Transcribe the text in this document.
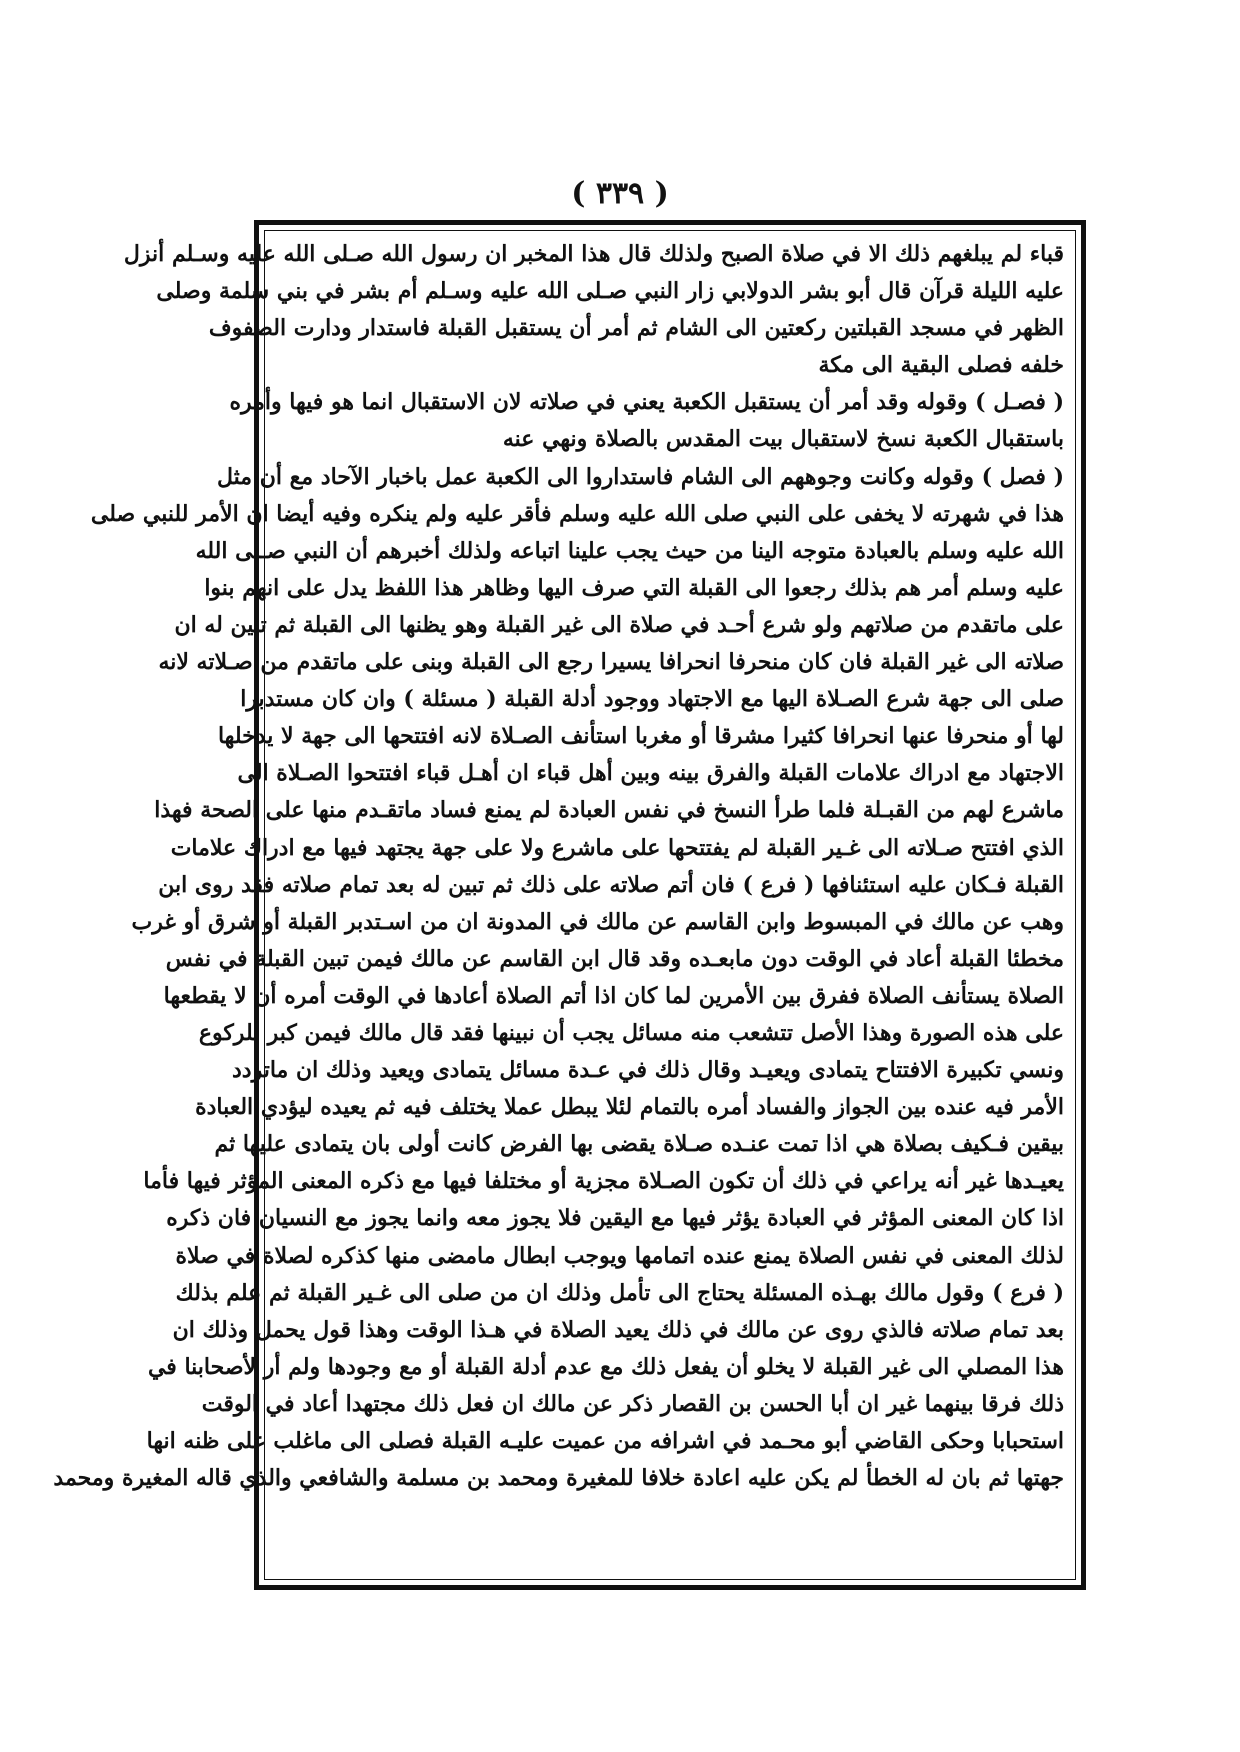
( ٣٣٩ )
قباء لم يبلغهم ذلك الا في صلاة الصبح ولذلك قال هذا المخبر ان رسول الله صـلى الله عليه وسـلم أنزل
عليه الليلة قرآن قال أبو بشر الدولابي زار النبي صـلى الله عليه وسـلم أم بشر في بني سلمة وصلى
الظهر في مسجد القبلتين ركعتين الى الشام ثم أمر أن يستقبل القبلة فاستدار ودارت الصفوف
خلفه فصلى البقية الى مكة
( فصـل ) وقوله وقد أمر أن يستقبل الكعبة يعني في صلاته لان الاستقبال انما هو فيها وأمره
باستقبال الكعبة نسخ لاستقبال بيت المقدس بالصلاة ونهي عنه
( فصل ) وقوله وكانت وجوههم الى الشام فاستداروا الى الكعبة عمل باخبار الآحاد مع أن مثل
هذا في شهرته لا يخفى على النبي صلى الله عليه وسلم فأقر عليه ولم ينكره وفيه أيضا ان الأمر للنبي صلى
الله عليه وسلم بالعبادة متوجه الينا من حيث يجب علينا اتباعه ولذلك أخبرهم أن النبي صـلى الله
عليه وسلم أمر هم بذلك رجعوا الى القبلة التي صرف اليها وظاهر هذا اللفظ يدل على انهم بنوا
على ماتقدم من صلاتهم ولو شرع أحـد في صلاة الى غير القبلة وهو يظنها الى القبلة ثم تبين له ان
صلاته الى غير القبلة فان كان منحرفا انحرافا يسيرا رجع الى القبلة وبنى على ماتقدم من صـلاته لانه
صلى الى جهة شرع الصـلاة اليها مع الاجتهاد ووجود أدلة القبلة ( مسئلة ) وان كان مستدبرا
لها أو منحرفا عنها انحرافا كثيرا مشرقا أو مغربا استأنف الصـلاة لانه افتتحها الى جهة لا يدخلها
الاجتهاد مع ادراك علامات القبلة والفرق بينه وبين أهل قباء ان أهـل قباء افتتحوا الصـلاة الى
ماشرع لهم من القبـلة فلما طرأ النسخ في نفس العبادة لم يمنع فساد ماتقـدم منها على الصحة فهذا
الذي افتتح صـلاته الى غـير القبلة لم يفتتحها على ماشرع ولا على جهة يجتهد فيها مع ادراك علامات
القبلة فـكان عليه استئنافها ( فرع ) فان أتم صلاته على ذلك ثم تبين له بعد تمام صلاته فقد روى ابن
وهب عن مالك في المبسوط وابن القاسم عن مالك في المدونة ان من اسـتدبر القبلة أو شرق أو غرب
مخطئا القبلة أعاد في الوقت دون مابعـده وقد قال ابن القاسم عن مالك فيمن تبين القبلة في نفس
الصلاة يستأنف الصلاة ففرق بين الأمرين لما كان اذا أتم الصلاة أعادها في الوقت أمره أن لا يقطعها
على هذه الصورة وهذا الأصل تتشعب منه مسائل يجب أن نبينها فقد قال مالك فيمن كبر للركوع
ونسي تكبيرة الافتتاح يتمادى ويعيـد وقال ذلك في عـدة مسائل يتمادى ويعيد وذلك ان ماتردد
الأمر فيه عنده بين الجواز والفساد أمره بالتمام لئلا يبطل عملا يختلف فيه ثم يعيده ليؤدي العبادة
بيقين فـكيف بصلاة هي اذا تمت عنـده صـلاة يقضى بها الفرض كانت أولى بان يتمادى عليها ثم
يعيـدها غير أنه يراعي في ذلك أن تكون الصـلاة مجزية أو مختلفا فيها مع ذكره المعنى المؤثر فيها فأما
اذا كان المعنى المؤثر في العبادة يؤثر فيها مع اليقين فلا يجوز معه وانما يجوز مع النسيان فان ذكره
لذلك المعنى في نفس الصلاة يمنع عنده اتمامها ويوجب ابطال مامضى منها كذكره لصلاة في صلاة
( فرع ) وقول مالك بهـذه المسئلة يحتاج الى تأمل وذلك ان من صلى الى غـير القبلة ثم علم بذلك
بعد تمام صلاته فالذي روى عن مالك في ذلك يعيد الصلاة في هـذا الوقت وهذا قول يحمل وذلك ان
هذا المصلي الى غير القبلة لا يخلو أن يفعل ذلك مع عدم أدلة القبلة أو مع وجودها ولم أر لأصحابنا في
ذلك فرقا بينهما غير ان أبا الحسن بن القصار ذكر عن مالك ان فعل ذلك مجتهدا أعاد في الوقت
استحبابا وحكى القاضي أبو محـمد في اشرافه من عميت عليـه القبلة فصلى الى ماغلب على ظنه انها
جهتها ثم بان له الخطأ لم يكن عليه اعادة خلافا للمغيرة ومحمد بن مسلمة والشافعي والذي قاله المغيرة ومحمد
